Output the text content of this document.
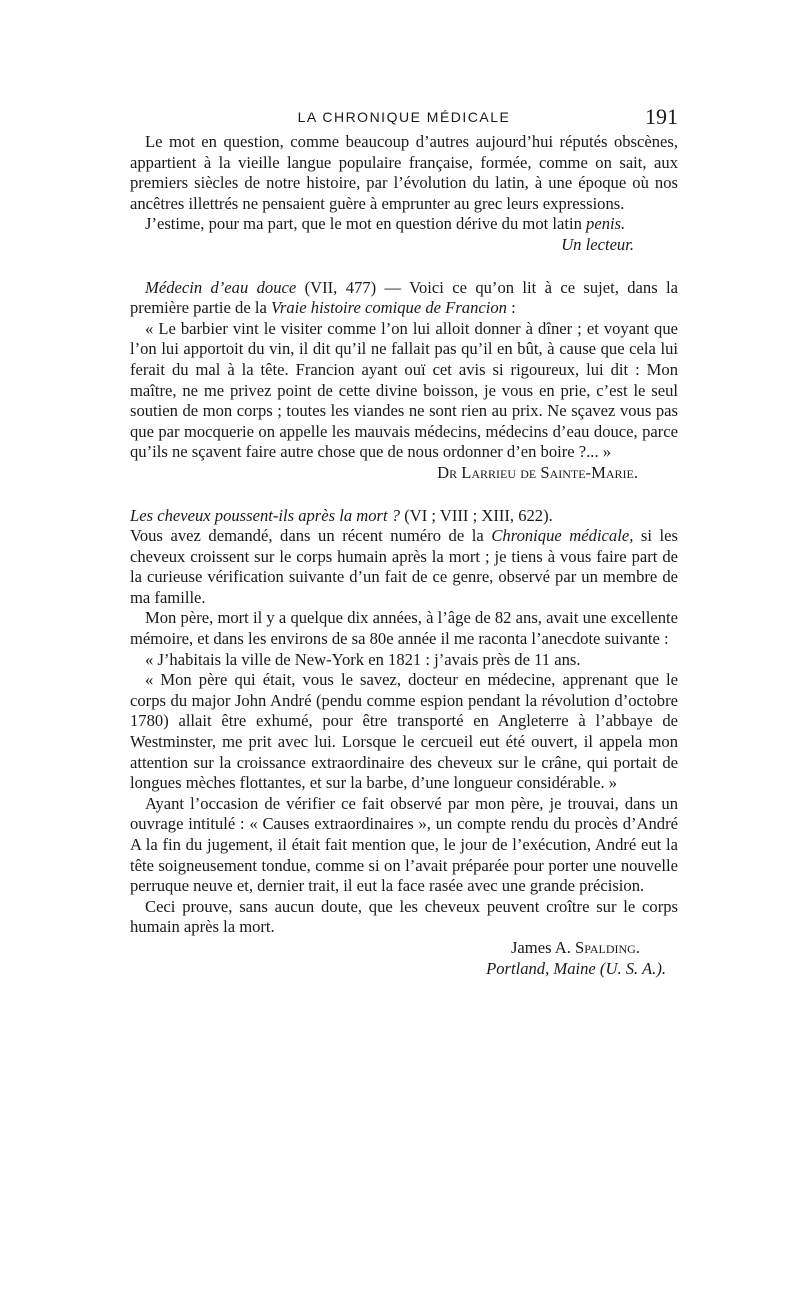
LA CHRONIQUE MÉDICALE	191

Le mot en question, comme beaucoup d’autres aujourd’hui réputés obscènes, appartient à la vieille langue populaire française, formée, comme on sait, aux premiers siècles de notre histoire, par l’évolution du latin, à une époque où nos ancêtres illettrés ne pensaient guère à emprunter au grec leurs expressions.

J’estime, pour ma part, que le mot en question dérive du mot latin penis.

Un lecteur.

Médecin d’eau douce (VII, 477) — Voici ce qu’on lit à ce sujet, dans la première partie de la Vraie histoire comique de Francion :

« Le barbier vint le visiter comme l’on lui alloit donner à dîner ; et voyant que l’on lui apportoit du vin, il dit qu’il ne fallait pas qu’il en bût, à cause que cela lui ferait du mal à la tête. Francion ayant ouï cet avis si rigoureux, lui dit : Mon maître, ne me privez point de cette divine boisson, je vous en prie, c’est le seul soutien de mon corps ; toutes les viandes ne sont rien au prix. Ne sçavez vous pas que par mocquerie on appelle les mauvais médecins, médecins d’eau douce, parce qu’ils ne sçavent faire autre chose que de nous ordonner d’en boire ?... »

Dr Larrieu de Sainte-Marie.

Les cheveux poussent-ils après la mort ? (VI ; VIII ; XIII, 622).

Vous avez demandé, dans un récent numéro de la Chronique médicale, si les cheveux croissent sur le corps humain après la mort ; je tiens à vous faire part de la curieuse vérification suivante d’un fait de ce genre, observé par un membre de ma famille.

Mon père, mort il y a quelque dix années, à l’âge de 82 ans, avait une excellente mémoire, et dans les environs de sa 80e année il me raconta l’anecdote suivante :

« J’habitais la ville de New-York en 1821 : j’avais près de 11 ans.

« Mon père qui était, vous le savez, docteur en médecine, apprenant que le corps du major John André (pendu comme espion pendant la révolution d’octobre 1780) allait être exhumé, pour être transporté en Angleterre à l’abbaye de Westminster, me prit avec lui. Lorsque le cercueil eut été ouvert, il appela mon attention sur la croissance extraordinaire des cheveux sur le crâne, qui portait de longues mèches flottantes, et sur la barbe, d’une longueur considérable. »

Ayant l’occasion de vérifier ce fait observé par mon père, je trouvai, dans un ouvrage intitulé : « Causes extraordinaires », un compte rendu du procès d’André A la fin du jugement, il était fait mention que, le jour de l’exécution, André eut la tête soigneusement tondue, comme si on l’avait préparée pour porter une nouvelle perruque neuve et, dernier trait, il eut la face rasée avec une grande précision.

Ceci prouve, sans aucun doute, que les cheveux peuvent croître sur le corps humain après la mort.

James A. Spalding.

Portland, Maine (U. S. A.).
